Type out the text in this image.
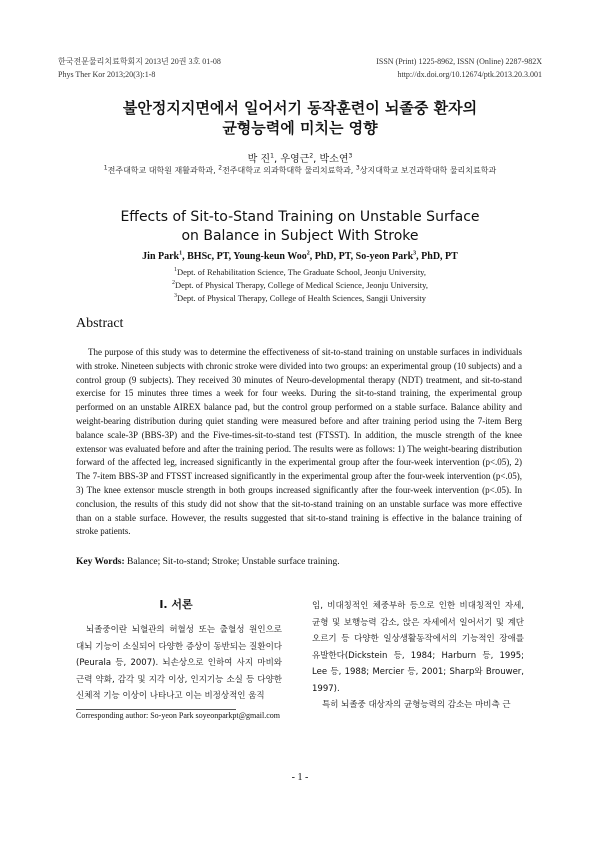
한국전문물리치료학회지 2013년 20권 3호 01-08
Phys Ther Kor 2013;20(3):1-8
ISSN (Print) 1225-8962, ISSN (Online) 2287-982X
http://dx.doi.org/10.12674/ptk.2013.20.3.001
불안정지지면에서 일어서기 동작훈련이 뇌졸중 환자의
균형능력에 미치는 영향
박 진$^1$, 우영근$^2$, 박소연$^3$
$^1$전주대학교 대학원 재활과학과, $^2$전주대학교 의과학대학 물리치료학과, $^3$상지대학교 보건과학대학 물리치료학과
Effects of Sit-to-Stand Training on Unstable Surface
on Balance in Subject With Stroke
Jin Park$^1$, BHSc, PT, Young-keun Woo$^2$, PhD, PT, So-yeon Park$^3$, PhD, PT
$^1$Dept. of Rehabilitation Science, The Graduate School, Jeonju University,
$^2$Dept. of Physical Therapy, College of Medical Science, Jeonju University,
$^3$Dept. of Physical Therapy, College of Health Sciences, Sangji University
Abstract
The purpose of this study was to determine the effectiveness of sit-to-stand training on unstable surfaces in individuals with stroke. Nineteen subjects with chronic stroke were divided into two groups: an experimental group (10 subjects) and a control group (9 subjects). They received 30 minutes of Neuro-developmental therapy (NDT) treatment, and sit-to-stand exercise for 15 minutes three times a week for four weeks. During the sit-to-stand training, the experimental group performed on an unstable AIREX balance pad, but the control group performed on a stable surface. Balance ability and weight-bearing distribution during quiet standing were measured before and after training period using the 7-item Berg balance scale-3P (BBS-3P) and the Five-times-sit-to-stand test (FTSST). In addition, the muscle strength of the knee extensor was evaluated before and after the training period. The results were as follows: 1) The weight-bearing distribution forward of the affected leg, increased significantly in the experimental group after the four-week intervention (p<.05), 2) The 7-item BBS-3P and FTSST increased significantly in the experimental group after the four-week intervention (p<.05), 3) The knee extensor muscle strength in both groups increased significantly after the four-week intervention (p<.05). In conclusion, the results of this study did not show that the sit-to-stand training on an unstable surface was more effective than on a stable surface. However, the results suggested that sit-to-stand training is effective in the balance training of stroke patients.
Key Words: Balance; Sit-to-stand; Stroke; Unstable surface training.
Ⅰ. 서론
뇌졸중이란 뇌혈관의 허혈성 또는 출혈성 원인으로 대뇌 기능이 소실되어 다양한 증상이 동반되는 질환이다(Peurala 등, 2007). 뇌손상으로 인하여 사지 마비와 근력 약화, 감각 및 지각 이상, 인지기능 소실 등 다양한 신체적 기능 이상이 나타나고 이는 비정상적인 움직

임, 비대칭적인 체중부하 등으로 인한 비대칭적인 자세, 균형 및 보행능력 감소, 앉은 자세에서 일어서기 및 계단오르기 등 다양한 일상생활동작에서의 기능적인 장애를 유발한다(Dickstein 등, 1984; Harburn 등, 1995; Lee 등, 1988; Mercier 등, 2001; Sharp와 Brouwer, 1997).

특히 뇌졸중 대상자의 균형능력의 감소는 마비측 근

Corresponding author: So-yeon Park soyeonparkpt@gmail.com
- 1 -
